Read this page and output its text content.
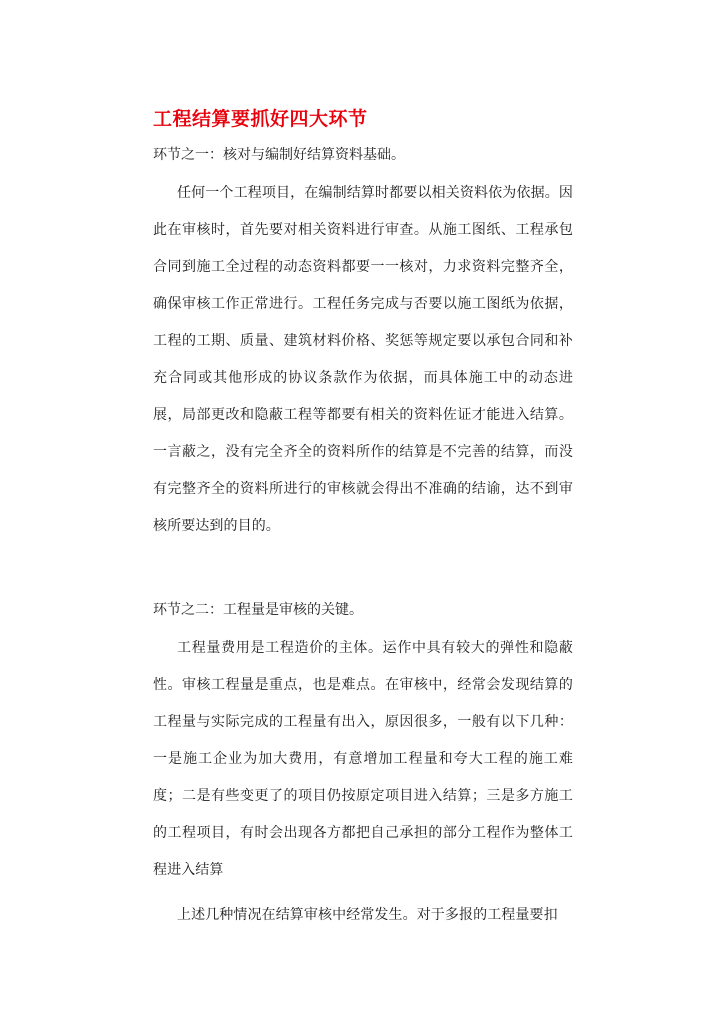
工程结算要抓好四大环节
环节之一：核对与编制好结算资料基础。
任何一个工程项目，在编制结算时都要以相关资料依为依据。因此在审核时，首先要对相关资料进行审查。从施工图纸、工程承包合同到施工全过程的动态资料都要一一核对，力求资料完整齐全，确保审核工作正常进行。工程任务完成与否要以施工图纸为依据，工程的工期、质量、建筑材料价格、奖惩等规定要以承包合同和补充合同或其他形成的协议条款作为依据，而具体施工中的动态进展，局部更改和隐蔽工程等都要有相关的资料佐证才能进入结算。一言蔽之，没有完全齐全的资料所作的结算是不完善的结算，而没有完整齐全的资料所进行的审核就会得出不准确的结谕，达不到审核所要达到的目的。
环节之二：工程量是审核的关键。
工程量费用是工程造价的主体。运作中具有较大的弹性和隐蔽性。审核工程量是重点，也是难点。在审核中，经常会发现结算的工程量与实际完成的工程量有出入，原因很多，一般有以下几种：一是施工企业为加大费用，有意增加工程量和夸大工程的施工难度；二是有些变更了的项目仍按原定项目进入结算；三是多方施工的工程项目，有时会出现各方都把自己承担的部分工程作为整体工程进入结算
上述几种情况在结算审核中经常发生。对于多报的工程量要扣
